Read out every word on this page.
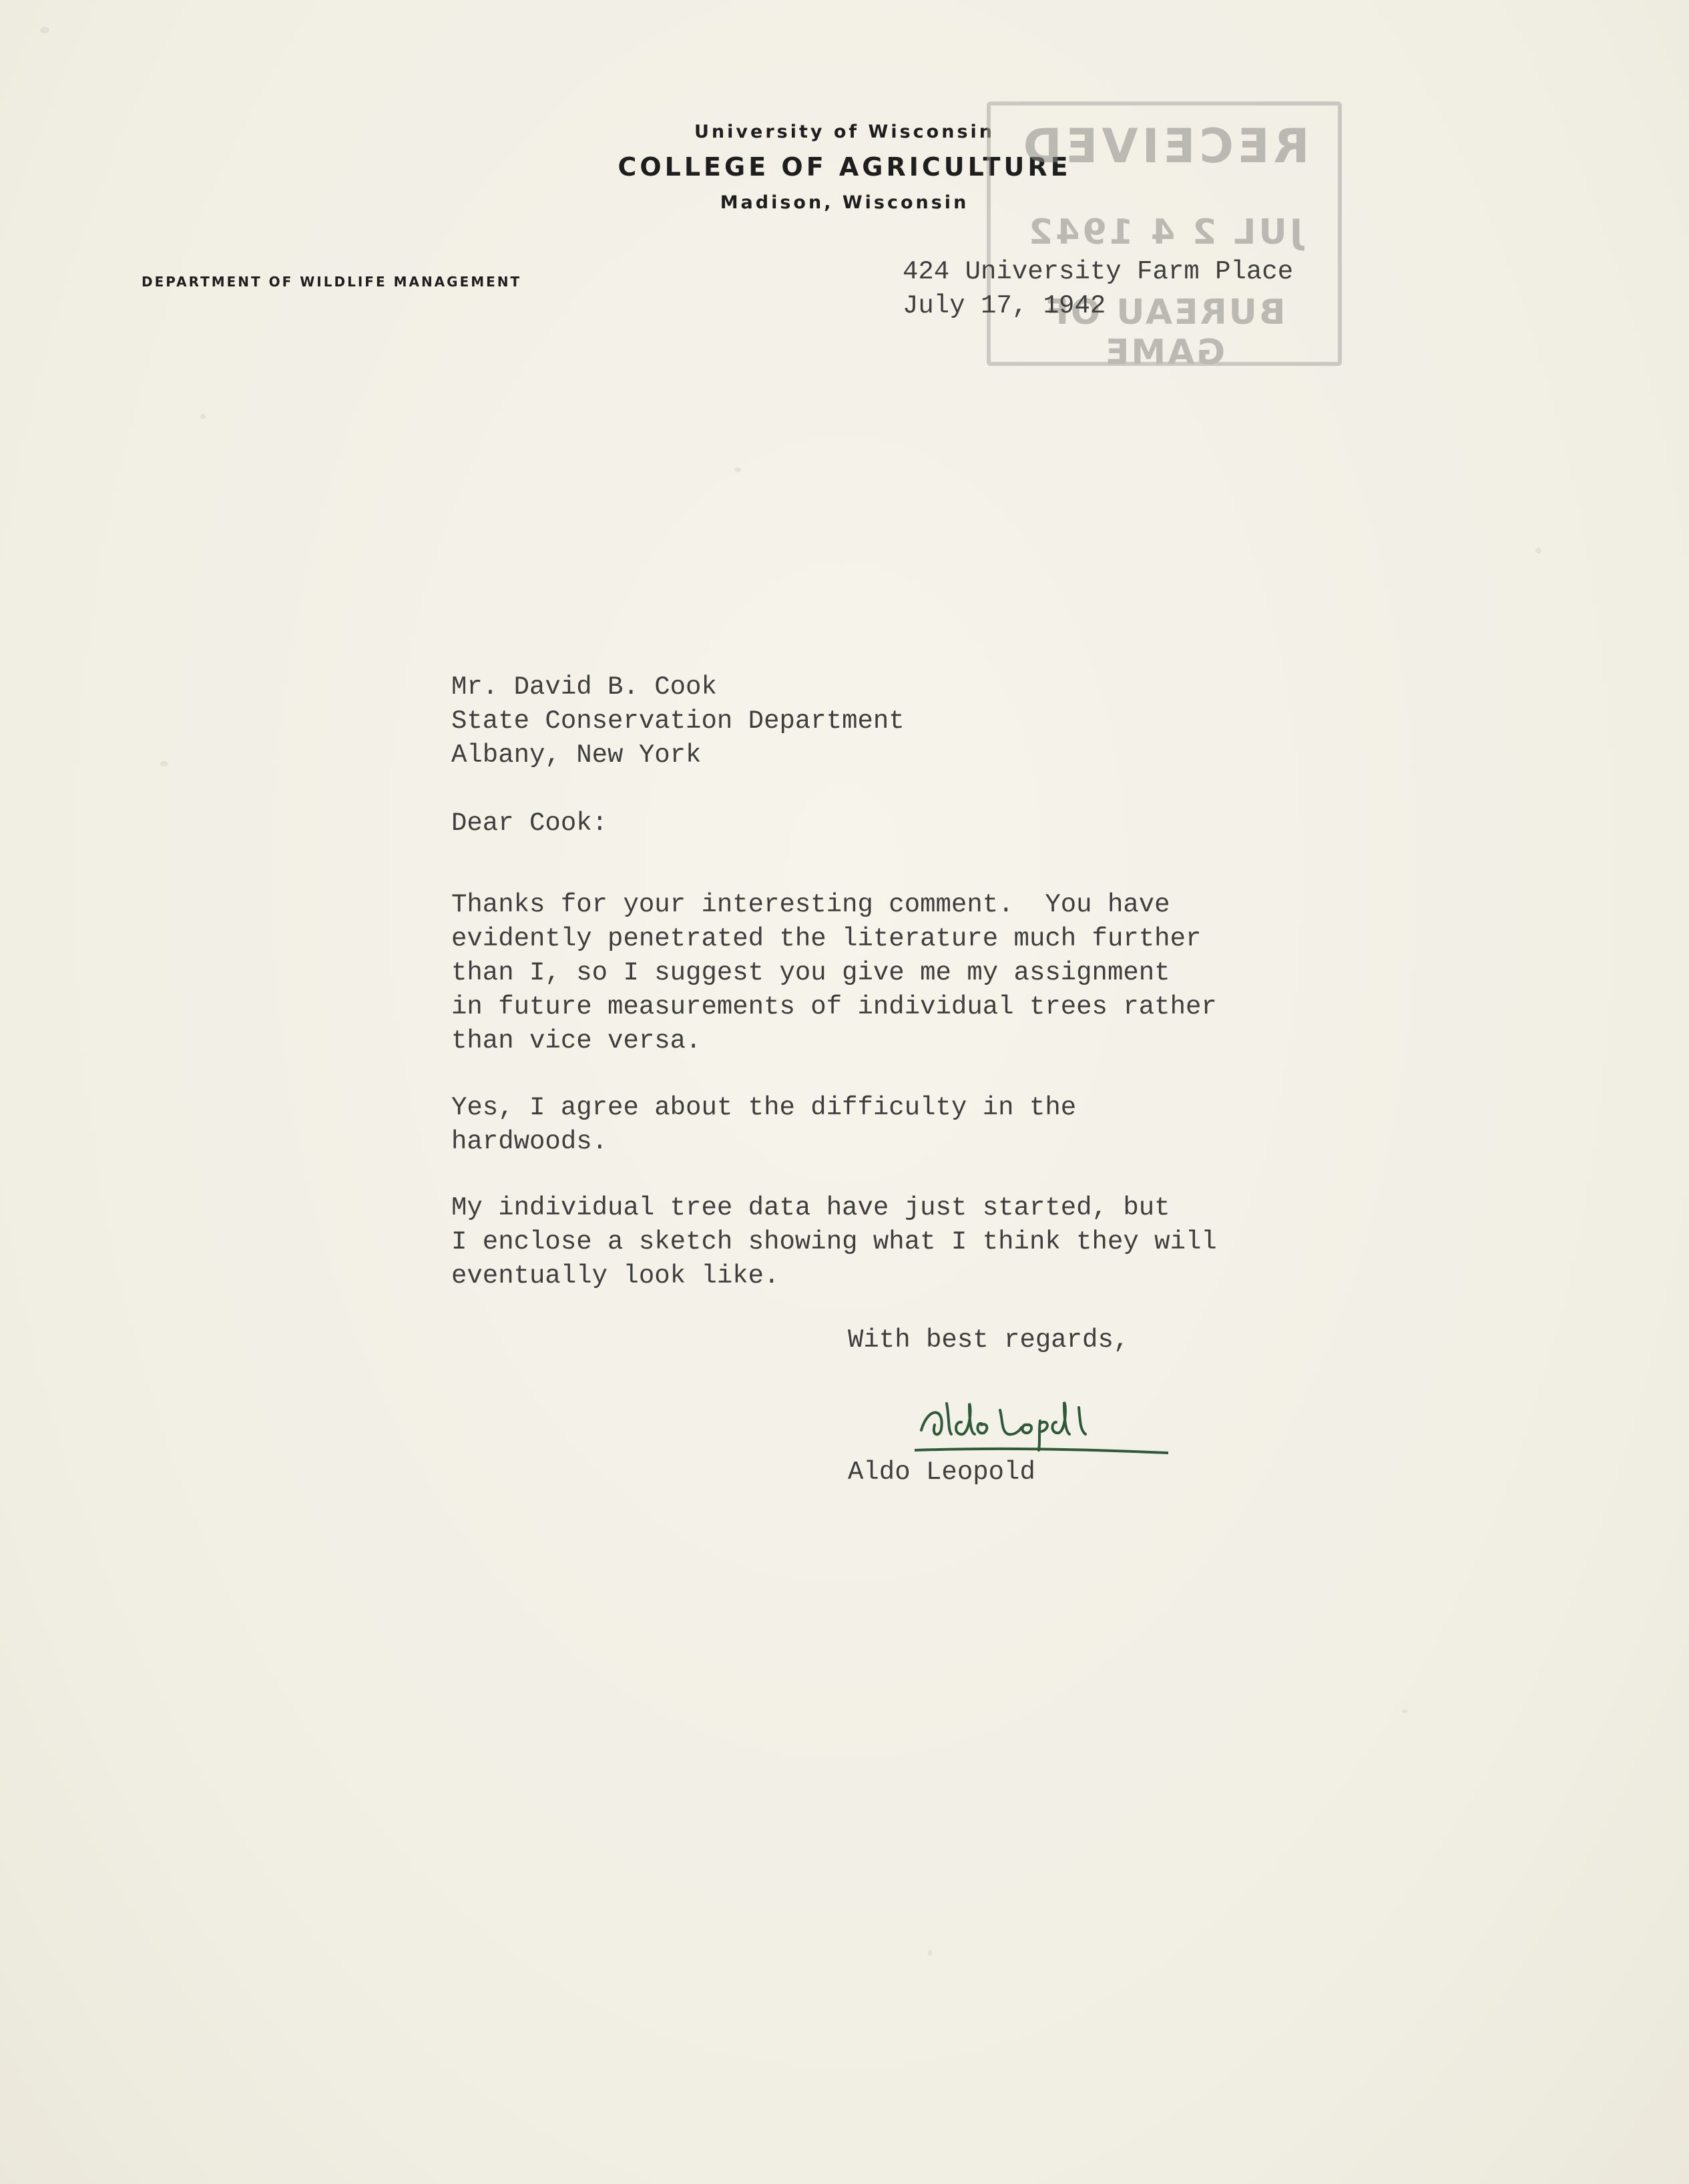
University of Wisconsin
COLLEGE OF AGRICULTURE
Madison, Wisconsin
DEPARTMENT OF WILDLIFE MANAGEMENT
RECEIVED
JUL 2 4 1942
BUREAU OF GAME
424 University Farm Place
July 17, 1942
Mr. David B. Cook
State Conservation Department
Albany, New York
Dear Cook:
Thanks for your interesting comment.  You have
evidently penetrated the literature much further
than I, so I suggest you give me my assignment
in future measurements of individual trees rather
than vice versa.
Yes, I agree about the difficulty in the
hardwoods.
My individual tree data have just started, but
I enclose a sketch showing what I think they will
eventually look like.
With best regards,
Aldo Leopold
